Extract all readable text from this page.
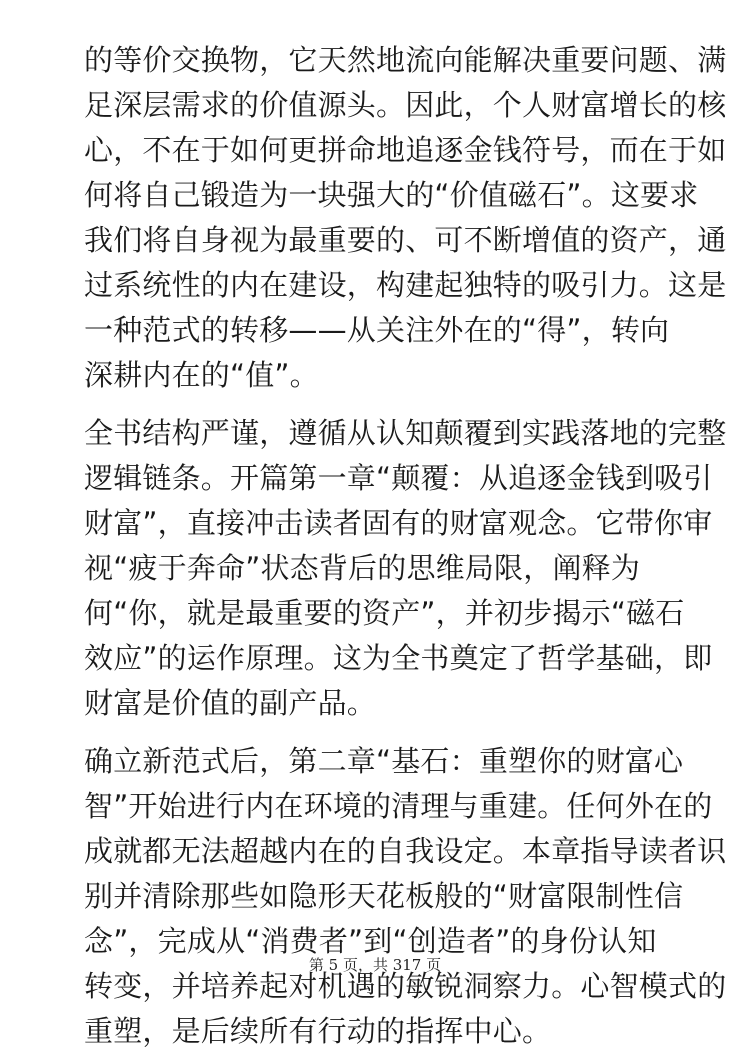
的等价交换物，它天然地流向能解决重要问题、满
足深层需求的价值源头。因此，个人财富增长的核
心，不在于如何更拼命地追逐金钱符号，而在于如
何将自己锻造为一块强大的“价值磁石”。这要求
我们将自身视为最重要的、可不断增值的资产，通
过系统性的内在建设，构建起独特的吸引力。这是
一种范式的转移——从关注外在的“得”，转向
深耕内在的“值”。
全书结构严谨，遵循从认知颠覆到实践落地的完整
逻辑链条。开篇第一章“颠覆：从追逐金钱到吸引
财富”，直接冲击读者固有的财富观念。它带你审
视“疲于奔命”状态背后的思维局限，阐释为
何“你，就是最重要的资产”，并初步揭示“磁石
效应”的运作原理。这为全书奠定了哲学基础，即
财富是价值的副产品。
确立新范式后，第二章“基石：重塑你的财富心
智”开始进行内在环境的清理与重建。任何外在的
成就都无法超越内在的自我设定。本章指导读者识
别并清除那些如隐形天花板般的“财富限制性信
念”，完成从“消费者”到“创造者”的身份认知
转变，并培养起对机遇的敏锐洞察力。心智模式的
重塑，是后续所有行动的指挥中心。
第 5 页，共 317 页
